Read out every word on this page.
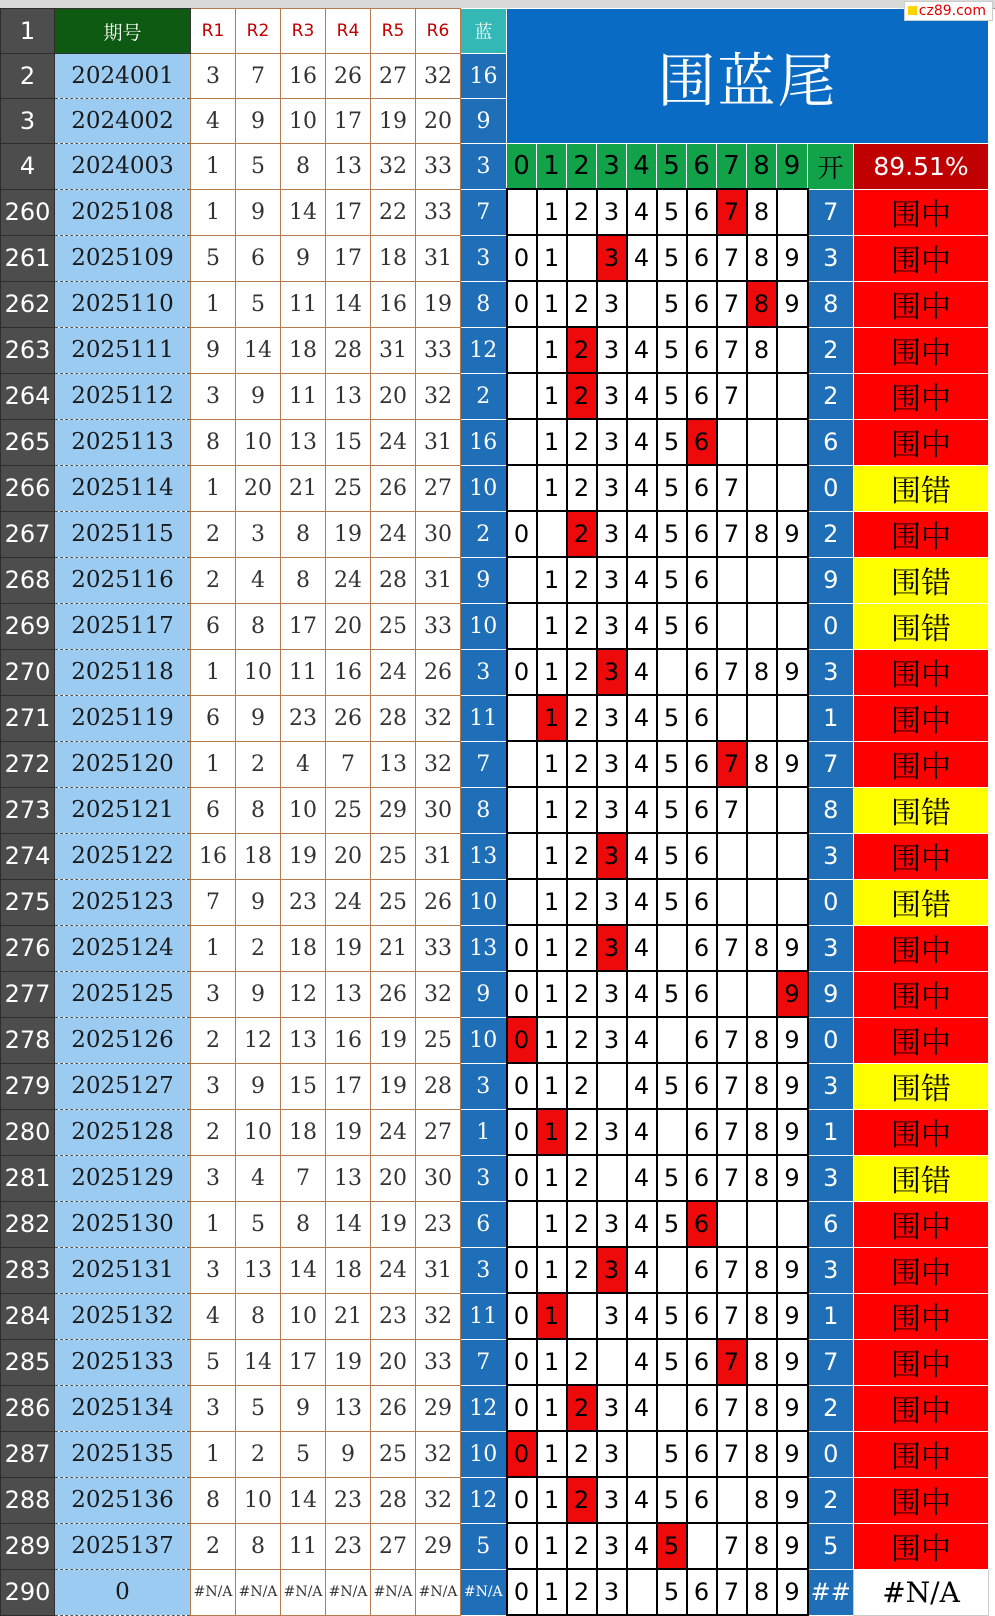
cz89.com
1	期号	R1	R2	R3	R4	R5	R6	蓝	围蓝尾											
2	2024001	3	7	16	26	27	32	16												
3	2024002	4	9	10	17	19	20	9												
4	2024003	1	5	8	13	32	33	3	0	1	2	3	4	5	6	7	8	9	开	89.51%
260	2025108	1	9	14	17	22	33	7		1	2	3	4	5	6	7	8		7	围中
261	2025109	5	6	9	17	18	31	3	0	1		3	4	5	6	7	8	9	3	围中
262	2025110	1	5	11	14	16	19	8	0	1	2	3		5	6	7	8	9	8	围中
263	2025111	9	14	18	28	31	33	12		1	2	3	4	5	6	7	8		2	围中
264	2025112	3	9	11	13	20	32	2		1	2	3	4	5	6	7			2	围中
265	2025113	8	10	13	15	24	31	16		1	2	3	4	5	6				6	围中
266	2025114	1	20	21	25	26	27	10		1	2	3	4	5	6	7			0	围错
267	2025115	2	3	8	19	24	30	2	0		2	3	4	5	6	7	8	9	2	围中
268	2025116	2	4	8	24	28	31	9		1	2	3	4	5	6				9	围错
269	2025117	6	8	17	20	25	33	10		1	2	3	4	5	6				0	围错
270	2025118	1	10	11	16	24	26	3	0	1	2	3	4		6	7	8	9	3	围中
271	2025119	6	9	23	26	28	32	11		1	2	3	4	5	6				1	围中
272	2025120	1	2	4	7	13	32	7		1	2	3	4	5	6	7	8	9	7	围中
273	2025121	6	8	10	25	29	30	8		1	2	3	4	5	6	7			8	围错
274	2025122	16	18	19	20	25	31	13		1	2	3	4	5	6				3	围中
275	2025123	7	9	23	24	25	26	10		1	2	3	4	5	6				0	围错
276	2025124	1	2	18	19	21	33	13	0	1	2	3	4		6	7	8	9	3	围中
277	2025125	3	9	12	13	26	32	9	0	1	2	3	4	5	6			9	9	围中
278	2025126	2	12	13	16	19	25	10	0	1	2	3	4		6	7	8	9	0	围中
279	2025127	3	9	15	17	19	28	3	0	1	2		4	5	6	7	8	9	3	围错
280	2025128	2	10	18	19	24	27	1	0	1	2	3	4		6	7	8	9	1	围中
281	2025129	3	4	7	13	20	30	3	0	1	2		4	5	6	7	8	9	3	围错
282	2025130	1	5	8	14	19	23	6		1	2	3	4	5	6				6	围中
283	2025131	3	13	14	18	24	31	3	0	1	2	3	4		6	7	8	9	3	围中
284	2025132	4	8	10	21	23	32	11	0	1		3	4	5	6	7	8	9	1	围中
285	2025133	5	14	17	19	20	33	7	0	1	2		4	5	6	7	8	9	7	围中
286	2025134	3	5	9	13	26	29	12	0	1	2	3	4		6	7	8	9	2	围中
287	2025135	1	2	5	9	25	32	10	0	1	2	3		5	6	7	8	9	0	围中
288	2025136	8	10	14	23	28	32	12	0	1	2	3	4	5	6		8	9	2	围中
289	2025137	2	8	11	23	27	29	5	0	1	2	3	4	5		7	8	9	5	围中
290	0	#N/A	#N/A	#N/A	#N/A	#N/A	#N/A	#N/A	0	1	2	3		5	6	7	8	9	##	#N/A
